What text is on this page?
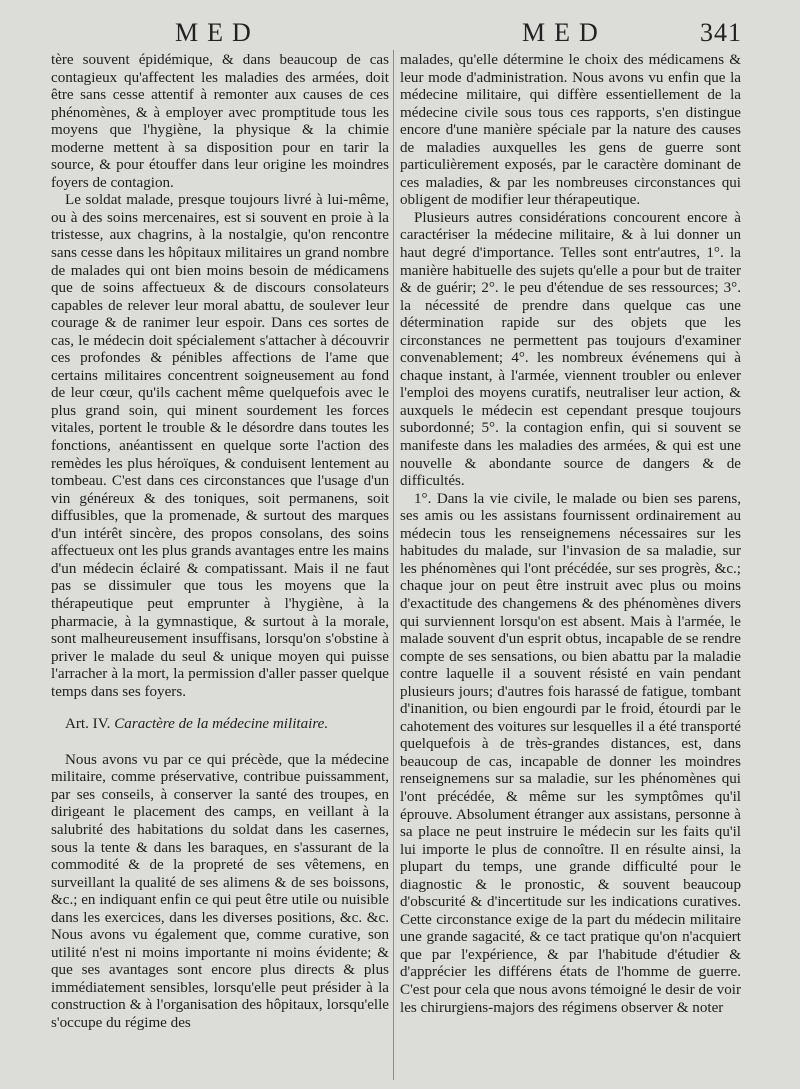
MED	MED	341

tère souvent épidémique, & dans beaucoup de cas contagieux qu'affectent les maladies des armées, doit être sans cesse attentif à remonter aux causes de ces phénomènes, & à employer avec promptitude tous les moyens que l'hygiène, la physique & la chimie moderne mettent à sa disposition pour en tarir la source, & pour étouffer dans leur origine les moindres foyers de contagion.

Le soldat malade, presque toujours livré à lui-même, ou à des soins mercenaires, est si souvent en proie à la tristesse, aux chagrins, à la nostalgie, qu'on rencontre sans cesse dans les hôpitaux militaires un grand nombre de malades qui ont bien moins besoin de médicamens que de soins affectueux & de discours consolateurs capables de relever leur moral abattu, de soulever leur courage & de ranimer leur espoir. Dans ces sortes de cas, le médecin doit spécialement s'attacher à découvrir ces profondes & pénibles affections de l'ame que certains militaires concentrent soigneusement au fond de leur cœur, qu'ils cachent même quelquefois avec le plus grand soin, qui minent sourdement les forces vitales, portent le trouble & le désordre dans toutes les fonctions, anéantissent en quelque sorte l'action des remèdes les plus héroïques, & conduisent lentement au tombeau. C'est dans ces circonstances que l'usage d'un vin généreux & des toniques, soit permanens, soit diffusibles, que la promenade, & surtout des marques d'un intérêt sincère, des propos consolans, des soins affectueux ont les plus grands avantages entre les mains d'un médecin éclairé & compatissant. Mais il ne faut pas se dissimuler que tous les moyens que la thérapeutique peut emprunter à l'hygiène, à la pharmacie, à la gymnastique, & surtout à la morale, sont malheureusement insuffisans, lorsqu'on s'obstine à priver le malade du seul & unique moyen qui puisse l'arracher à la mort, la permission d'aller passer quelque temps dans ses foyers.

Art. IV. Caractère de la médecine militaire.

Nous avons vu par ce qui précède, que la médecine militaire, comme préservative, contribue puissamment, par ses conseils, à conserver la santé des troupes, en dirigeant le placement des camps, en veillant à la salubrité des habitations du soldat dans les casernes, sous la tente & dans les baraques, en s'assurant de la commodité & de la propreté de ses vêtemens, en surveillant la qualité de ses alimens & de ses boissons, &c.; en indiquant enfin ce qui peut être utile ou nuisible dans les exercices, dans les diverses positions, &c. &c. Nous avons vu également que, comme curative, son utilité n'est ni moins importante ni moins évidente; & que ses avantages sont encore plus directs & plus immédiatement sensibles, lorsqu'elle peut présider à la construction & à l'organisation des hôpitaux, lorsqu'elle s'occupe du régime des

malades, qu'elle détermine le choix des médicamens & leur mode d'administration. Nous avons vu enfin que la médecine militaire, qui diffère essentiellement de la médecine civile sous tous ces rapports, s'en distingue encore d'une manière spéciale par la nature des causes de maladies auxquelles les gens de guerre sont particulièrement exposés, par le caractère dominant de ces maladies, & par les nombreuses circonstances qui obligent de modifier leur thérapeutique.

Plusieurs autres considérations concourent encore à caractériser la médecine militaire, & à lui donner un haut degré d'importance. Telles sont entr'autres, 1°. la manière habituelle des sujets qu'elle a pour but de traiter & de guérir; 2°. le peu d'étendue de ses ressources; 3°. la nécessité de prendre dans quelque cas une détermination rapide sur des objets que les circonstances ne permettent pas toujours d'examiner convenablement; 4°. les nombreux événemens qui à chaque instant, à l'armée, viennent troubler ou enlever l'emploi des moyens curatifs, neutraliser leur action, & auxquels le médecin est cependant presque toujours subordonné; 5°. la contagion enfin, qui si souvent se manifeste dans les maladies des armées, & qui est une nouvelle & abondante source de dangers & de difficultés.

1°. Dans la vie civile, le malade ou bien ses parens, ses amis ou les assistans fournissent ordinairement au médecin tous les renseignemens nécessaires sur les habitudes du malade, sur l'invasion de sa maladie, sur les phénomènes qui l'ont précédée, sur ses progrès, &c.; chaque jour on peut être instruit avec plus ou moins d'exactitude des changemens & des phénomènes divers qui surviennent lorsqu'on est absent. Mais à l'armée, le malade souvent d'un esprit obtus, incapable de se rendre compte de ses sensations, ou bien abattu par la maladie contre laquelle il a souvent résisté en vain pendant plusieurs jours; d'autres fois harassé de fatigue, tombant d'inanition, ou bien engourdi par le froid, étourdi par le cahotement des voitures sur lesquelles il a été transporté quelquefois à de très-grandes distances, est, dans beaucoup de cas, incapable de donner les moindres renseignemens sur sa maladie, sur les phénomènes qui l'ont précédée, & même sur les symptômes qu'il éprouve. Absolument étranger aux assistans, personne à sa place ne peut instruire le médecin sur les faits qu'il lui importe le plus de connoître. Il en résulte ainsi, la plupart du temps, une grande difficulté pour le diagnostic & le pronostic, & souvent beaucoup d'obscurité & d'incertitude sur les indications curatives. Cette circonstance exige de la part du médecin militaire une grande sagacité, & ce tact pratique qu'on n'acquiert que par l'expérience, & par l'habitude d'étudier & d'apprécier les différens états de l'homme de guerre. C'est pour cela que nous avons témoigné le desir de voir les chirurgiens-majors des régimens observer & noter
